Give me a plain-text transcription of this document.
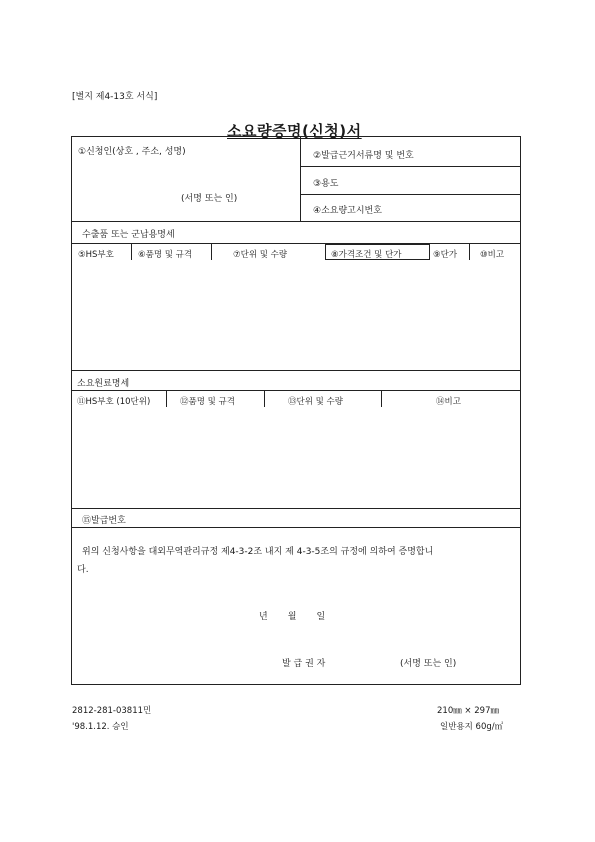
[별지 제4-13호 서식]
소요량증명(신청)서
①신청인(상호 , 주소, 성명)
(서명 또는 인)
②발급근거서류명 및 번호
③용도
④소요량고시번호
수출품 또는 군납용명세
⑤HS부호	⑥품명 및 규격	⑦단위 및 수량	⑧가격조건 및 단가	⑨단가	⑩비고
소요원료명세
⑪HS부호 (10단위)	⑫품명 및 규격	⑬단위 및 수량	⑭비고
⑮발급번호
위의 신청사항을 대외무역관리규정 제4-3-2조 내지 제 4-3-5조의 규정에 의하여 증명합니
다.
년       월       일
발 급 권 자	(서명 또는 인)
2812-281-03811민
'98.1.12. 승인
210㎜ × 297㎜
일반용지 60g/㎡
